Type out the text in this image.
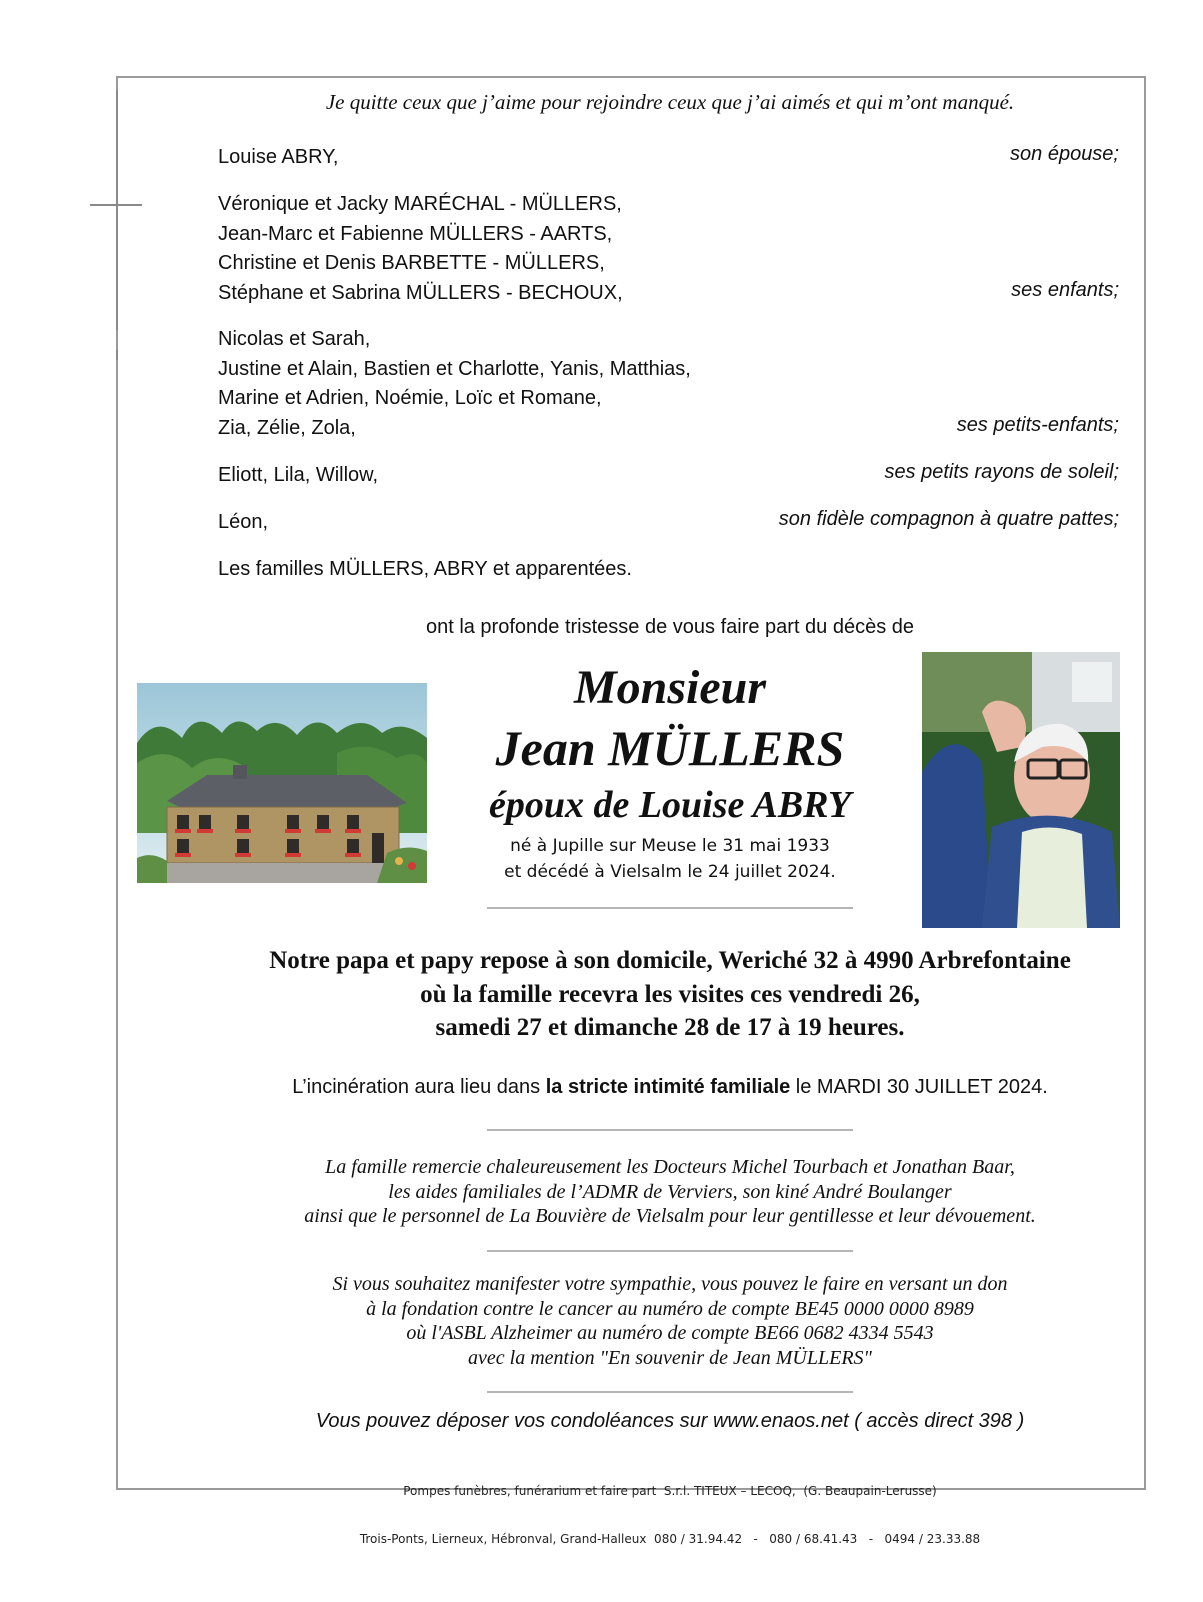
Je quitte ceux que j’aime pour rejoindre ceux que j’ai aimés et qui m’ont manqué.
Louise ABRY,	son épouse;
Véronique et Jacky MARÉCHAL - MÜLLERS,
Jean-Marc et Fabienne MÜLLERS - AARTS,
Christine et Denis BARBETTE - MÜLLERS,
Stéphane et Sabrina MÜLLERS - BECHOUX,	ses enfants;
Nicolas et Sarah,
Justine et Alain, Bastien et Charlotte, Yanis, Matthias,
Marine et Adrien, Noémie, Loïc et Romane,
Zia, Zélie, Zola,	ses petits-enfants;
Eliott, Lila, Willow,	ses petits rayons de soleil;
Léon,	son fidèle compagnon à quatre pattes;
Les familles MÜLLERS, ABRY et apparentées.
ont la profonde tristesse de vous faire part du décès de
Monsieur
Jean MÜLLERS
époux de Louise ABRY
né à Jupille sur Meuse le 31 mai 1933
et décédé à Vielsalm le 24 juillet 2024.
Notre papa et papy repose à son domicile, Weriché 32 à 4990 Arbrefontaine
où la famille recevra les visites ces vendredi 26,
samedi 27 et dimanche 28 de 17 à 19 heures.
L’incinération aura lieu dans la stricte intimité familiale le MARDI 30 JUILLET 2024.
La famille remercie chaleureusement les Docteurs Michel Tourbach et Jonathan Baar,
les aides familiales de l’ADMR de Verviers, son kiné André Boulanger
ainsi que le personnel de La Bouvière de Vielsalm pour leur gentillesse et leur dévouement.
Si vous souhaitez manifester votre sympathie, vous pouvez le faire en versant un don
à la fondation contre le cancer au numéro de compte BE45 0000 0000 8989
où l'ASBL Alzheimer au numéro de compte BE66 0682 4334 5543
avec la mention "En souvenir de Jean MÜLLERS"
Vous pouvez déposer vos condoléances sur www.enaos.net ( accès direct 398 )

Pompes funèbres, funérarium et faire part  S.r.l. TITEUX – LECOQ,  (G. Beaupain-Lerusse)

Trois-Ponts, Lierneux, Hébronval, Grand-Halleux  080 / 31.94.42   -   080 / 68.41.43   -   0494 / 23.33.88
